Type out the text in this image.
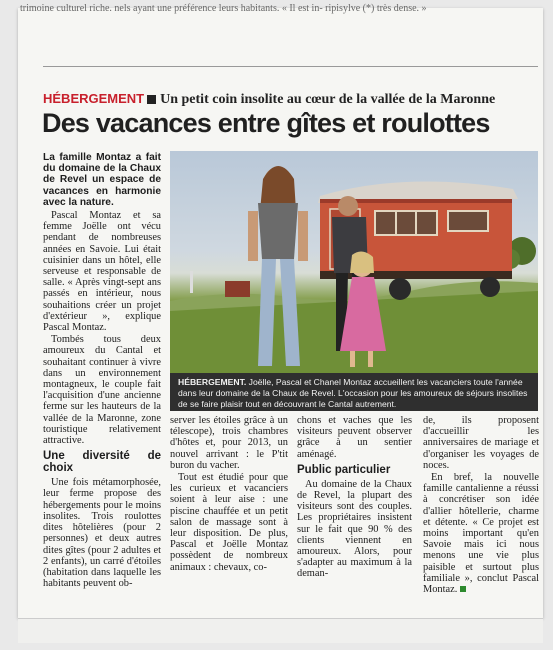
trimoine culturel riche. nels ayant une préférence leurs habitants. « Il est in- ripisylve (*) très dense. »
HÉBERGEMENT Un petit coin insolite au cœur de la vallée de la Maronne
Des vacances entre gîtes et roulottes

La famille Montaz a fait du domaine de la Chaux de Revel un espace de vacances en harmonie avec la nature.

Pascal Montaz et sa femme Joëlle ont vécu pendant de nombreuses années en Savoie. Lui était cuisinier dans un hôtel, elle serveuse et responsable de salle. « Après vingt-sept ans passés en intérieur, nous souhaitions créer un projet d'extérieur », explique Pascal Montaz.

Tombés tous deux amoureux du Cantal et souhaitant continuer à vivre dans un environnement montagneux, le couple fait l'acquisition d'une ancienne ferme sur les hauteurs de la vallée de la Maronne, zone touristique relativement attractive.

Une diversité de choix

Une fois métamorphosée, leur ferme propose des hébergements pour le moins insolites. Trois roulottes dites hôtelières (pour 2 personnes) et deux autres dites gîtes (pour 2 adultes et 2 enfants), un carré d'étoiles (habitation dans laquelle les habitants peuvent ob-

HÉBERGEMENT. Joëlle, Pascal et Chanel Montaz accueillent les vacanciers toute l'année dans leur domaine de la Chaux de Revel. L'occasion pour les amoureux de séjours insolites de se faire plaisir tout en découvrant le Cantal autrement.

server les étoiles grâce à un télescope), trois chambres d'hôtes et, pour 2013, un nouvel arrivant : le P'tit buron du vacher.

Tout est étudié pour que les curieux et vacanciers soient à leur aise : une piscine chauffée et un petit salon de massage sont à leur disposition. De plus, Pascal et Joëlle Montaz possèdent de nombreux animaux : chevaux, co-

chons et vaches que les visiteurs peuvent observer grâce à un sentier aménagé.

Public particulier

Au domaine de la Chaux de Revel, la plupart des visiteurs sont des couples. Les propriétaires insistent sur le fait que 90 % des clients viennent en amoureux. Alors, pour s'adapter au maximum à la deman-

de, ils proposent d'accueillir les anniversaires de mariage et d'organiser les voyages de noces.

En bref, la nouvelle famille cantalienne a réussi à concrétiser son idée d'allier hôtellerie, charme et détente. « Ce projet est moins important qu'en Savoie mais ici nous menons une vie plus paisible et surtout plus familiale », conclut Pascal Montaz.
